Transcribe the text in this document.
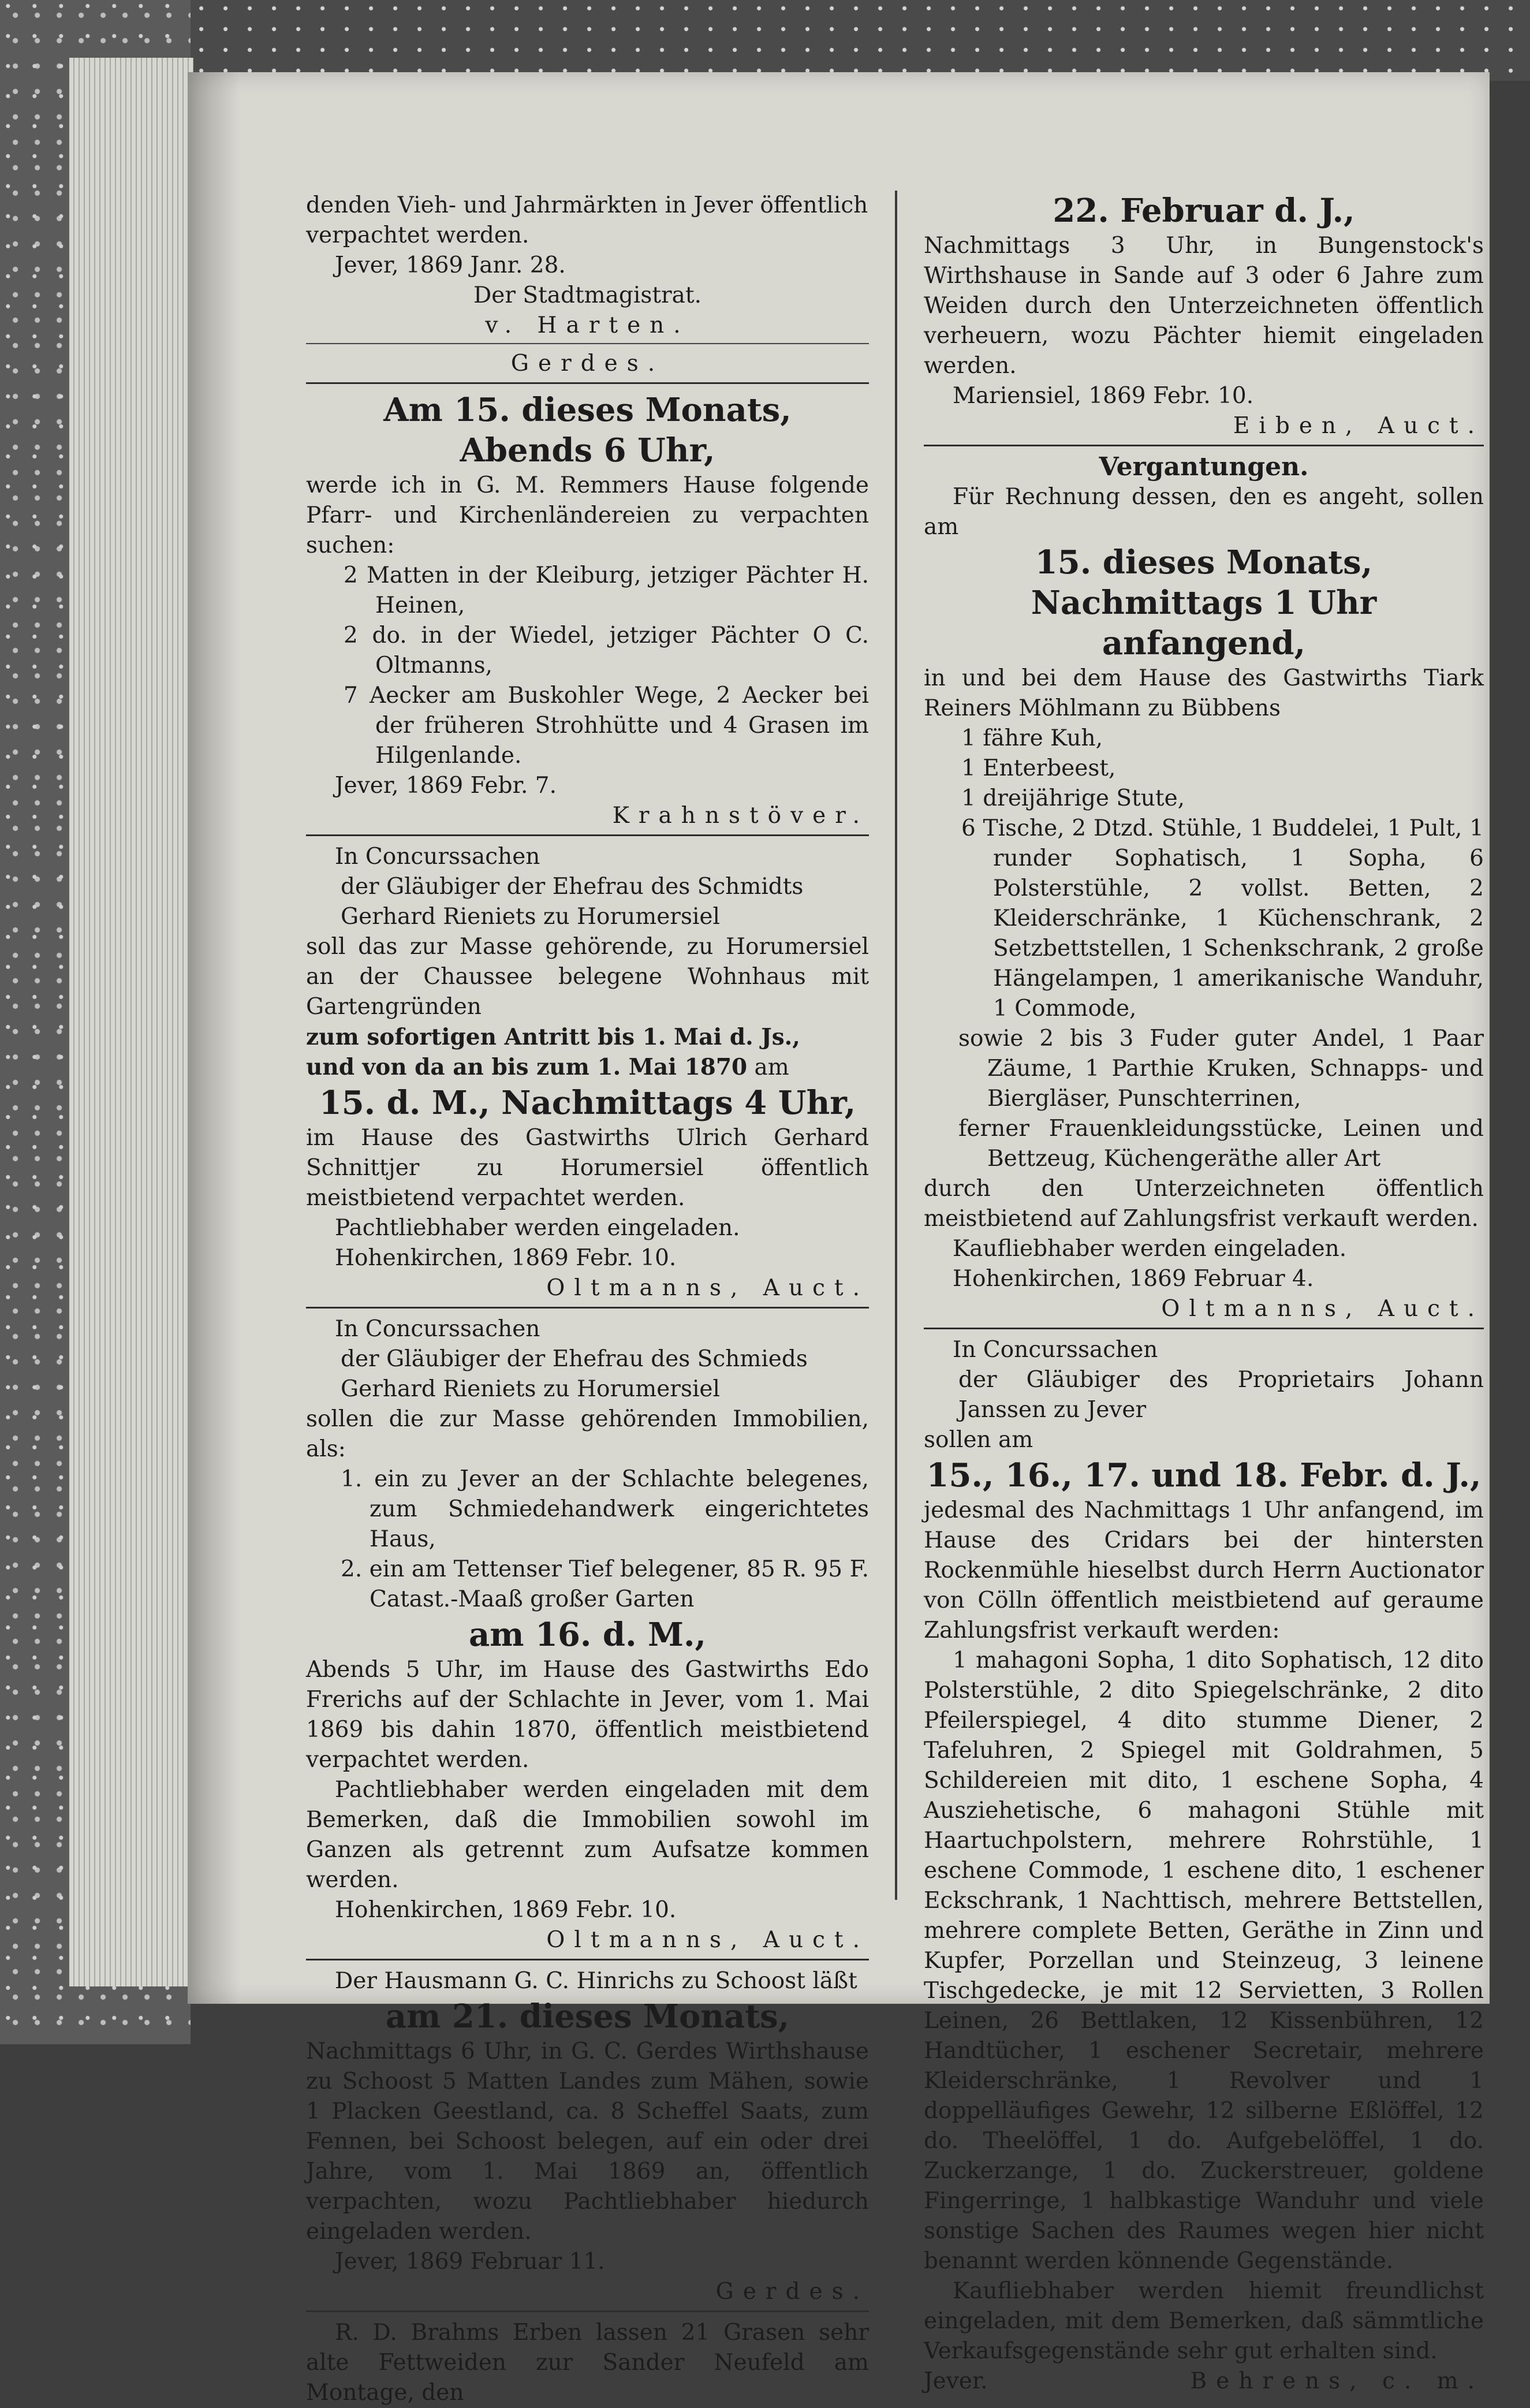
denden Vieh- und Jahrmärkten in Jever öffentlich

verpachtet werden.

Jever, 1869 Janr. 28.

Der Stadtmagistrat.

v. Harten.

Gerdes.

Am 15. dieses Monats,

Abends 6 Uhr,

werde ich in G. M. Remmers Hause folgende Pfarr- und Kirchenländereien zu verpachten suchen:

2 Matten in der Kleiburg, jetziger Pächter H. Heinen,

2 do. in der Wiedel, jetziger Pächter O C. Oltmanns,

7 Aecker am Buskohler Wege, 2 Aecker bei der früheren Strohhütte und 4 Grasen im Hilgenlande.

Jever, 1869 Febr. 7.

Krahnstöver.

In Concurssachen

der Gläubiger der Ehefrau des Schmidts

Gerhard Rieniets zu Horumersiel

soll das zur Masse gehörende, zu Horumersiel an der Chaussee belegene Wohnhaus mit Gartengründen

zum sofortigen Antritt bis 1. Mai d. Js.,

und von da an bis zum 1. Mai 1870 am

15. d. M., Nachmittags 4 Uhr,

im Hause des Gastwirths Ulrich Gerhard Schnittjer zu Horumersiel öffentlich meistbietend verpachtet werden.

Pachtliebhaber werden eingeladen.

Hohenkirchen, 1869 Febr. 10.

Oltmanns, Auct.

In Concurssachen

der Gläubiger der Ehefrau des Schmieds

Gerhard Rieniets zu Horumersiel

sollen die zur Masse gehörenden Immobilien, als:

1. ein zu Jever an der Schlachte belegenes, zum Schmiedehandwerk eingerichtetes Haus,

2. ein am Tettenser Tief belegener, 85 R. 95 F. Catast.-Maaß großer Garten

am 16. d. M.,

Abends 5 Uhr, im Hause des Gastwirths Edo Frerichs auf der Schlachte in Jever, vom 1. Mai 1869 bis dahin 1870, öffentlich meistbietend verpachtet werden.

Pachtliebhaber werden eingeladen mit dem Bemerken, daß die Immobilien sowohl im Ganzen als getrennt zum Aufsatze kommen werden.

Hohenkirchen, 1869 Febr. 10.

Oltmanns, Auct.

Der Hausmann G. C. Hinrichs zu Schoost läßt

am 21. dieses Monats,

Nachmittags 6 Uhr, in G. C. Gerdes Wirthshause zu Schoost 5 Matten Landes zum Mähen, sowie 1 Placken Geestland, ca. 8 Scheffel Saats, zum Fennen, bei Schoost belegen, auf ein oder drei Jahre, vom 1. Mai 1869 an, öffentlich verpachten, wozu Pachtliebhaber hiedurch eingeladen werden.

Jever, 1869 Februar 11.

Gerdes.

R. D. Brahms Erben lassen 21 Grasen sehr alte Fettweiden zur Sander Neufeld am Montage, den

22. Februar d. J.,

Nachmittags 3 Uhr, in Bungenstock's Wirthshause in Sande auf 3 oder 6 Jahre zum Weiden durch den Unterzeichneten öffentlich verheuern, wozu Pächter hiemit eingeladen werden.

Mariensiel, 1869 Febr. 10.

Eiben, Auct.

Vergantungen.

Für Rechnung dessen, den es angeht, sollen am

15. dieses Monats,

Nachmittags 1 Uhr anfangend,

in und bei dem Hause des Gastwirths Tiark Reiners Möhlmann zu Bübbens

1 fähre Kuh,

1 Enterbeest,

1 dreijährige Stute,

6 Tische, 2 Dtzd. Stühle, 1 Buddelei, 1 Pult, 1 runder Sophatisch, 1 Sopha, 6 Polsterstühle, 2 vollst. Betten, 2 Kleiderschränke, 1 Küchenschrank, 2 Setzbettstellen, 1 Schenkschrank, 2 große Hängelampen, 1 amerikanische Wanduhr, 1 Commode,

sowie 2 bis 3 Fuder guter Andel, 1 Paar Zäume, 1 Parthie Kruken, Schnapps- und Biergläser, Punschterrinen,

ferner Frauenkleidungsstücke, Leinen und Bettzeug, Küchengeräthe aller Art

durch den Unterzeichneten öffentlich meistbietend auf Zahlungsfrist verkauft werden.

Kaufliebhaber werden eingeladen.

Hohenkirchen, 1869 Februar 4.

Oltmanns, Auct.

In Concurssachen

der Gläubiger des Proprietairs Johann Janssen zu Jever

sollen am

15., 16., 17. und 18. Febr. d. J.,

jedesmal des Nachmittags 1 Uhr anfangend, im Hause des Cridars bei der hintersten Rockenmühle hieselbst durch Herrn Auctionator von Cölln öffentlich meistbietend auf geraume Zahlungsfrist verkauft werden:

1 mahagoni Sopha, 1 dito Sophatisch, 12 dito Polsterstühle, 2 dito Spiegelschränke, 2 dito Pfeilerspiegel, 4 dito stumme Diener, 2 Tafeluhren, 2 Spiegel mit Goldrahmen, 5 Schildereien mit dito, 1 eschene Sopha, 4 Ausziehetische, 6 mahagoni Stühle mit Haartuchpolstern, mehrere Rohrstühle, 1 eschene Commode, 1 eschene dito, 1 eschener Eckschrank, 1 Nachttisch, mehrere Bettstellen, mehrere complete Betten, Geräthe in Zinn und Kupfer, Porzellan und Steinzeug, 3 leinene Tischgedecke, je mit 12 Servietten, 3 Rollen Leinen, 26 Bettlaken, 12 Kissenbühren, 12 Handtücher, 1 eschener Secretair, mehrere Kleiderschränke, 1 Revolver und 1 doppelläufiges Gewehr, 12 silberne Eßlöffel, 12 do. Theelöffel, 1 do. Aufgebelöffel, 1 do. Zuckerzange, 1 do. Zuckerstreuer, goldene Fingerringe, 1 halbkastige Wanduhr und viele sonstige Sachen des Raumes wegen hier nicht benannt werden könnende Gegenstände.

Kaufliebhaber werden hiemit freundlichst eingeladen, mit dem Bemerken, daß sämmtliche Verkaufsgegenstände sehr gut erhalten sind.

Jever.	Behrens, c. m.
